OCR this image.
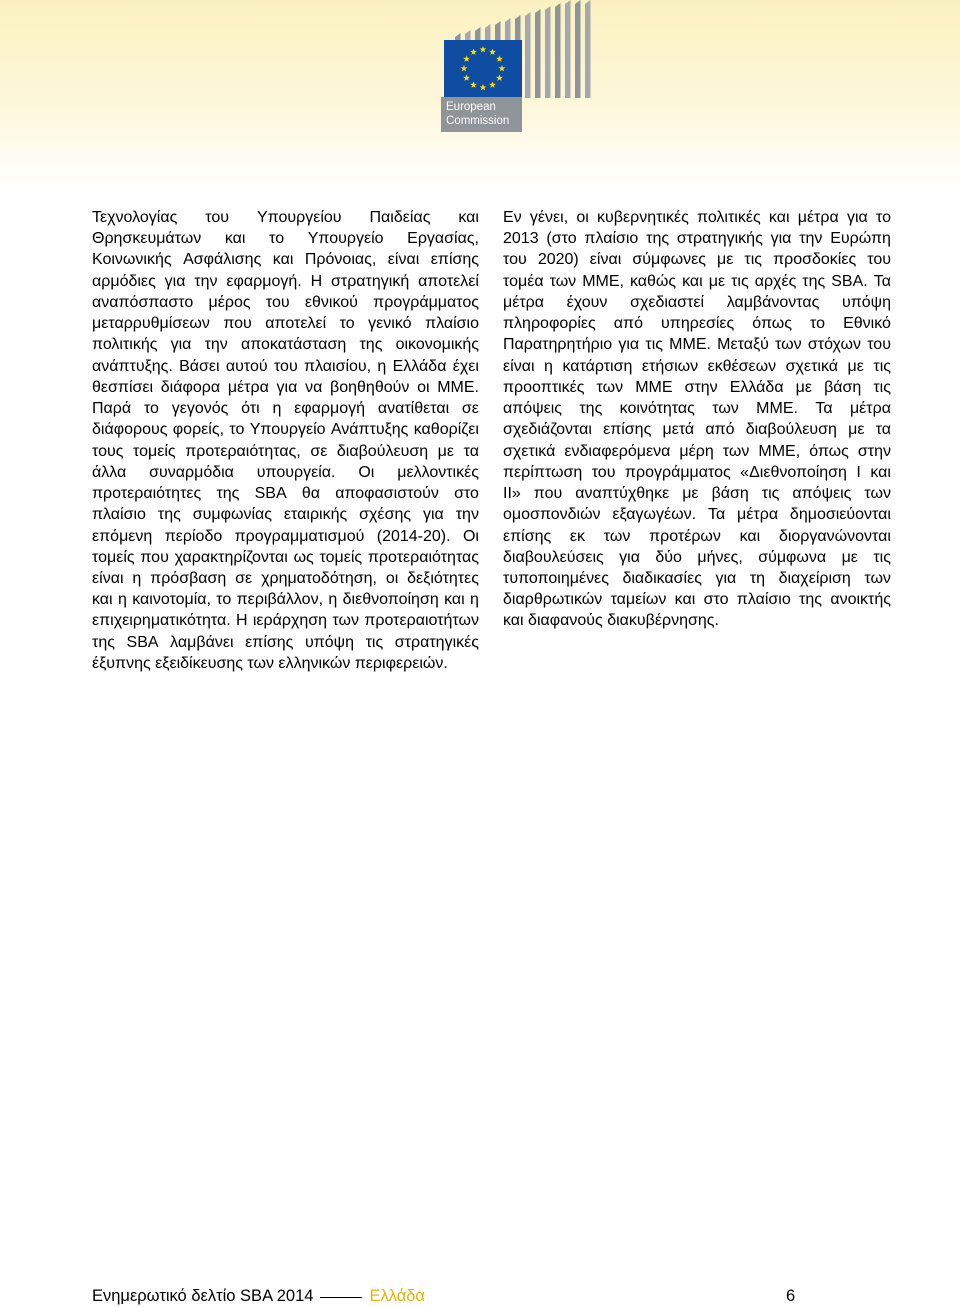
European
Commission
Τεχνολογίας του Υπουργείου Παιδείας και
Θρησκευμάτων και το Υπουργείο Εργασίας,
Κοινωνικής Ασφάλισης και Πρόνοιας, είναι επίσης
αρμόδιες για την εφαρμογή. Η στρατηγική αποτελεί
αναπόσπαστο μέρος του εθνικού προγράμματος
μεταρρυθμίσεων που αποτελεί το γενικό πλαίσιο
πολιτικής για την αποκατάσταση της οικονομικής
ανάπτυξης. Βάσει αυτού του πλαισίου, η Ελλάδα έχει
θεσπίσει διάφορα μέτρα για να βοηθηθούν οι ΜΜΕ.
Παρά το γεγονός ότι η εφαρμογή ανατίθεται σε
διάφορους φορείς, το Υπουργείο Ανάπτυξης καθορίζει
τους τομείς προτεραιότητας, σε διαβούλευση με τα
άλλα συναρμόδια υπουργεία. Οι μελλοντικές
προτεραιότητες της SBA θα αποφασιστούν στο
πλαίσιο της συμφωνίας εταιρικής σχέσης για την
επόμενη περίοδο προγραμματισμού (2014-20). Οι
τομείς που χαρακτηρίζονται ως τομείς προτεραιότητας
είναι η πρόσβαση σε χρηματοδότηση, οι δεξιότητες
και η καινοτομία, το περιβάλλον, η διεθνοποίηση και η
επιχειρηματικότητα. Η ιεράρχηση των προτεραιοτήτων
της SBA λαμβάνει επίσης υπόψη τις στρατηγικές
έξυπνης εξειδίκευσης των ελληνικών περιφερειών.
Εν γένει, οι κυβερνητικές πολιτικές και μέτρα για το
2013 (στο πλαίσιο της στρατηγικής για την Ευρώπη
του 2020) είναι σύμφωνες με τις προσδοκίες του
τομέα των ΜΜΕ, καθώς και με τις αρχές της SBA. Τα
μέτρα έχουν σχεδιαστεί λαμβάνοντας υπόψη
πληροφορίες από υπηρεσίες όπως το Εθνικό
Παρατηρητήριο για τις ΜΜΕ. Μεταξύ των στόχων του
είναι η κατάρτιση ετήσιων εκθέσεων σχετικά με τις
προοπτικές των ΜΜΕ στην Ελλάδα με βάση τις
απόψεις της κοινότητας των ΜΜΕ. Τα μέτρα
σχεδιάζονται επίσης μετά από διαβούλευση με τα
σχετικά ενδιαφερόμενα μέρη των ΜΜΕ, όπως στην
περίπτωση του προγράμματος «Διεθνοποίηση Ι και
ΙΙ» που αναπτύχθηκε με βάση τις απόψεις των
ομοσπονδιών εξαγωγέων. Τα μέτρα δημοσιεύονται
επίσης εκ των προτέρων και διοργανώνονται
διαβουλεύσεις για δύο μήνες, σύμφωνα με τις
τυποποιημένες διαδικασίες για τη διαχείριση των
διαρθρωτικών ταμείων και στο πλαίσιο της ανοικτής
και διαφανούς διακυβέρνησης.
Ενημερωτικό δελτίο SBA 2014	Ελλάδα	6
